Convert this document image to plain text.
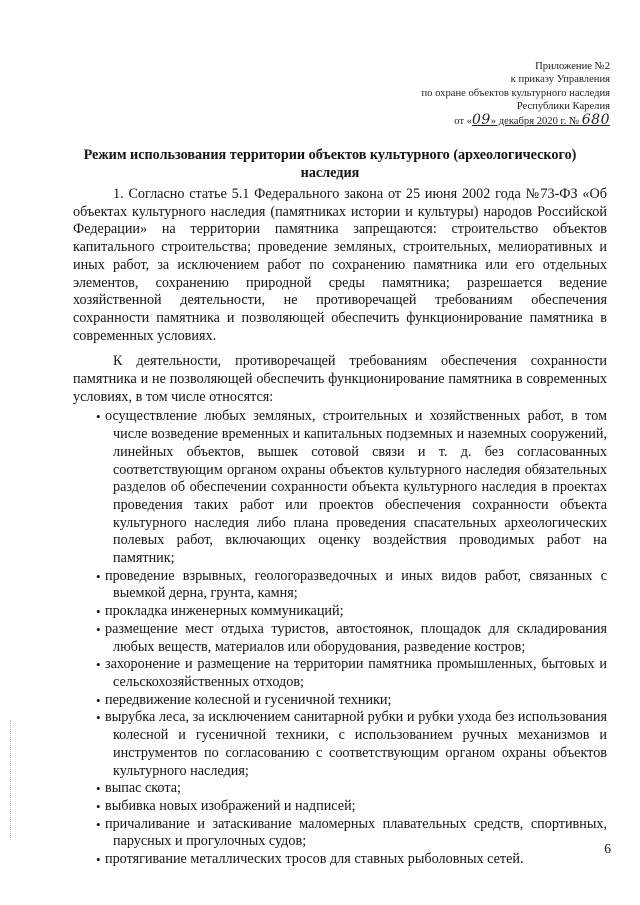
Приложение №2
к приказу Управления
по охране объектов культурного наследия
Республики Карелия
от «09» декабря 2020 г. № 680
Режим использования территории объектов культурного (археологического) наследия

1. Согласно статье 5.1 Федерального закона от 25 июня 2002 года №73-ФЗ «Об объектах культурного наследия (памятниках истории и культуры) народов Российской Федерации» на территории памятника запрещаются: строительство объектов капитального строительства; проведение земляных, строительных, мелиоративных и иных работ, за исключением работ по сохранению памятника или его отдельных элементов, сохранению природной среды памятника; разрешается ведение хозяйственной деятельности, не противоречащей требованиям обеспечения сохранности памятника и позволяющей обеспечить функционирование памятника в современных условиях.

К деятельности, противоречащей требованиям обеспечения сохранности памятника и не позволяющей обеспечить функционирование памятника в современных условиях, в том числе относятся:

• осуществление любых земляных, строительных и хозяйственных работ, в том числе возведение временных и капитальных подземных и наземных сооружений, линейных объектов, вышек сотовой связи и т. д. без согласованных соответствующим органом охраны объектов культурного наследия обязательных разделов об обеспечении сохранности объекта культурного наследия в проектах проведения таких работ или проектов обеспечения сохранности объекта культурного наследия либо плана проведения спасательных археологических полевых работ, включающих оценку воздействия проводимых работ на памятник;
• проведение взрывных, геологоразведочных и иных видов работ, связанных с выемкой дерна, грунта, камня;
• прокладка инженерных коммуникаций;
• размещение мест отдыха туристов, автостоянок, площадок для складирования любых веществ, материалов или оборудования, разведение костров;
• захоронение и размещение на территории памятника промышленных, бытовых и сельскохозяйственных отходов;
• передвижение колесной и гусеничной техники;
• вырубка леса, за исключением санитарной рубки и рубки ухода без использования колесной и гусеничной техники, с использованием ручных механизмов и инструментов по согласованию с соответствующим органом охраны объектов культурного наследия;
• выпас скота;
• выбивка новых изображений и надписей;
• причаливание и затаскивание маломерных плавательных средств, спортивных, парусных и прогулочных судов;
• протягивание металлических тросов для ставных рыболовных сетей.
6
